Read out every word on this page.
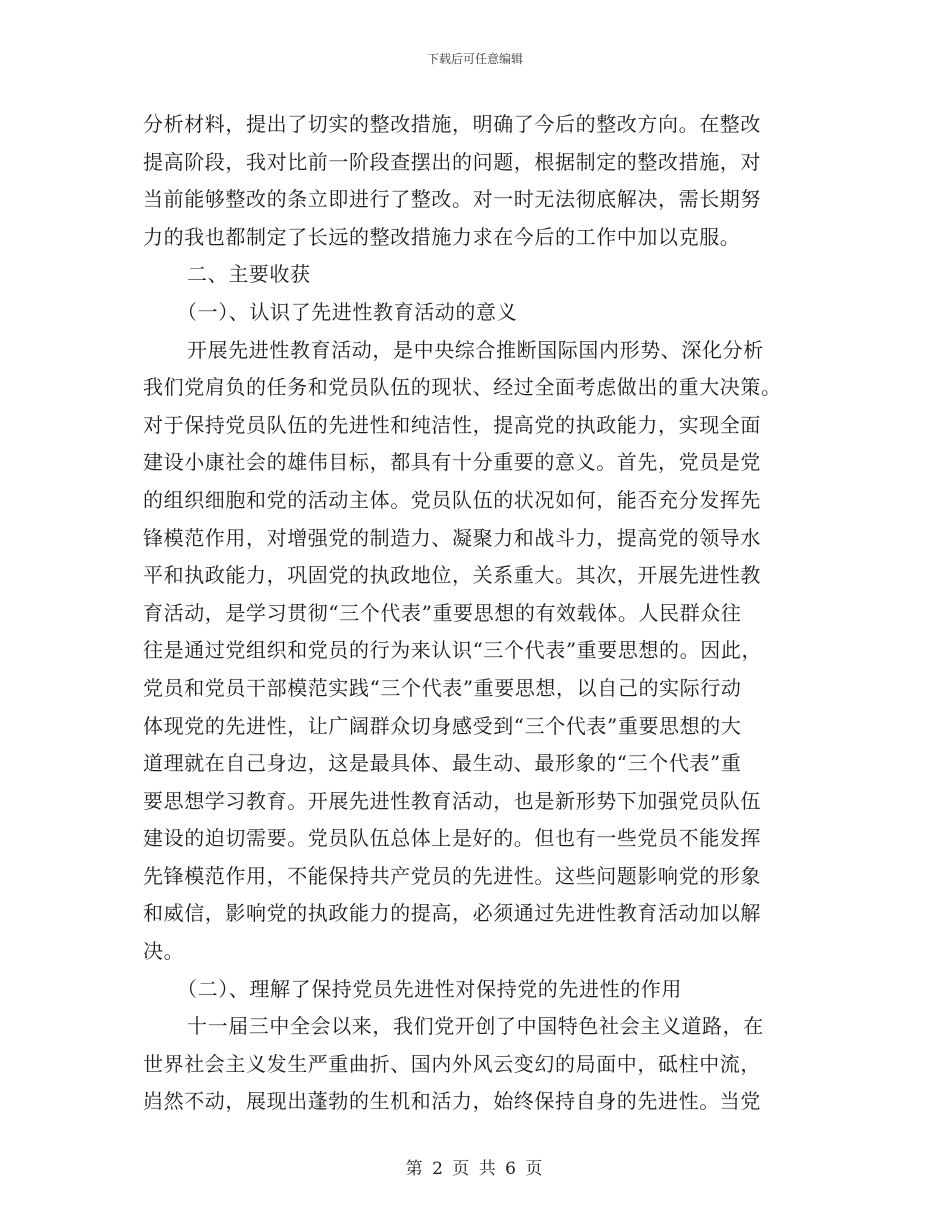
下载后可任意编辑
分析材料，提出了切实的整改措施，明确了今后的整改方向。在整改
提高阶段，我对比前一阶段查摆出的问题，根据制定的整改措施，对
当前能够整改的条立即进行了整改。对一时无法彻底解决，需长期努
力的我也都制定了长远的整改措施力求在今后的工作中加以克服。
二、主要收获
（一）、认识了先进性教育活动的意义
开展先进性教育活动，是中央综合推断国际国内形势、深化分析
我们党肩负的任务和党员队伍的现状、经过全面考虑做出的重大决策。
对于保持党员队伍的先进性和纯洁性，提高党的执政能力，实现全面
建设小康社会的雄伟目标，都具有十分重要的意义。首先，党员是党
的组织细胞和党的活动主体。党员队伍的状况如何，能否充分发挥先
锋模范作用，对增强党的制造力、凝聚力和战斗力，提高党的领导水
平和执政能力，巩固党的执政地位，关系重大。其次，开展先进性教
育活动，是学习贯彻“三个代表”重要思想的有效载体。人民群众往
往是通过党组织和党员的行为来认识“三个代表”重要思想的。因此，
党员和党员干部模范实践“三个代表”重要思想，以自己的实际行动
体现党的先进性，让广阔群众切身感受到“三个代表”重要思想的大
道理就在自己身边，这是最具体、最生动、最形象的“三个代表”重
要思想学习教育。开展先进性教育活动，也是新形势下加强党员队伍
建设的迫切需要。党员队伍总体上是好的。但也有一些党员不能发挥
先锋模范作用，不能保持共产党员的先进性。这些问题影响党的形象
和威信，影响党的执政能力的提高，必须通过先进性教育活动加以解
决。
（二）、理解了保持党员先进性对保持党的先进性的作用
十一届三中全会以来，我们党开创了中国特色社会主义道路，在
世界社会主义发生严重曲折、国内外风云变幻的局面中，砥柱中流，
岿然不动，展现出蓬勃的生机和活力，始终保持自身的先进性。当党
第 2 页 共 6 页
